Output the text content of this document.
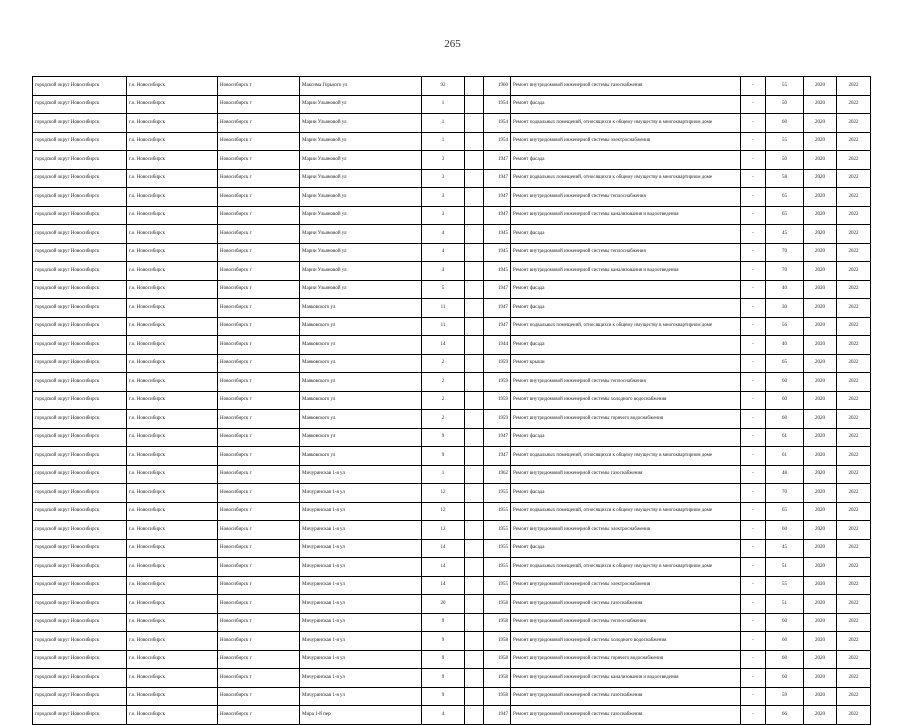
265
городской округ Новосибирск	г.о. Новосибирск	Новосибирск г	Максима Горького ул	92		1960	Ремонт внутридомовой инженерной системы газоснабжения	-	55	2020	2022
городской округ Новосибирск	г.о. Новосибирск	Новосибирск г	Марии Ульяновой ул	1		1954	Ремонт фасада	-	50	2020	2022
городской округ Новосибирск	г.о. Новосибирск	Новосибирск г	Марии Ульяновой ул	1		1954	Ремонт подвальных помещений, относящихся к общему имуществу в многоквартирном доме	-	60	2020	2022
городской округ Новосибирск	г.о. Новосибирск	Новосибирск г	Марии Ульяновой ул	1		1954	Ремонт внутридомовой инженерной системы электроснабжения	-	55	2020	2022
городской округ Новосибирск	г.о. Новосибирск	Новосибирск г	Марии Ульяновой ул	3		1947	Ремонт фасада	-	50	2020	2022
городской округ Новосибирск	г.о. Новосибирск	Новосибирск г	Марии Ульяновой ул	3		1947	Ремонт подвальных помещений, относящихся к общему имуществу в многоквартирном доме	-	58	2020	2022
городской округ Новосибирск	г.о. Новосибирск	Новосибирск г	Марии Ульяновой ул	3		1947	Ремонт внутридомовой инженерной системы теплоснабжения	-	65	2020	2022
городской округ Новосибирск	г.о. Новосибирск	Новосибирск г	Марии Ульяновой ул	3		1947	Ремонт внутридомовой инженерной системы канализования и водоотведения	-	65	2020	2022
городской округ Новосибирск	г.о. Новосибирск	Новосибирск г	Марии Ульяновой ул	4		1945	Ремонт фасада	-	45	2020	2022
городской округ Новосибирск	г.о. Новосибирск	Новосибирск г	Марии Ульяновой ул	4		1945	Ремонт внутридомовой инженерной системы теплоснабжения	-	70	2020	2022
городской округ Новосибирск	г.о. Новосибирск	Новосибирск г	Марии Ульяновой ул	4		1945	Ремонт внутридомовой инженерной системы канализования и водоотведения	-	70	2020	2022
городской округ Новосибирск	г.о. Новосибирск	Новосибирск г	Марии Ульяновой ул	5		1947	Ремонт фасада	-	40	2020	2022
городской округ Новосибирск	г.о. Новосибирск	Новосибирск г	Маяковского ул	11		1947	Ремонт фасада	-	30	2020	2022
городской округ Новосибирск	г.о. Новосибирск	Новосибирск г	Маяковского ул	11		1947	Ремонт подвальных помещений, относящихся к общему имуществу в многоквартирном доме	-	56	2020	2022
городской округ Новосибирск	г.о. Новосибирск	Новосибирск г	Маяковского ул	14		1944	Ремонт фасада	-	40	2020	2022
городской округ Новосибирск	г.о. Новосибирск	Новосибирск г	Маяковского ул	2		1959	Ремонт крыши	-	65	2020	2022
городской округ Новосибирск	г.о. Новосибирск	Новосибирск г	Маяковского ул	2		1959	Ремонт внутридомовой инженерной системы теплоснабжения	-	60	2020	2022
городской округ Новосибирск	г.о. Новосибирск	Новосибирск г	Маяковского ул	2		1959	Ремонт внутридомовой инженерной системы холодного водоснабжения	-	60	2020	2022
городской округ Новосибирск	г.о. Новосибирск	Новосибирск г	Маяковского ул	2		1959	Ремонт внутридомовой инженерной системы горячего водоснабжения	-	60	2020	2022
городской округ Новосибирск	г.о. Новосибирск	Новосибирск г	Маяковского ул	9		1947	Ремонт фасада	-	61	2020	2022
городской округ Новосибирск	г.о. Новосибирск	Новосибирск г	Маяковского ул	9		1947	Ремонт подвальных помещений, относящихся к общему имуществу в многоквартирном доме	-	61	2020	2022
городской округ Новосибирск	г.о. Новосибирск	Новосибирск г	Мичуринская 1-я ул	1		1962	Ремонт внутридомовой инженерной системы газоснабжения	-	48	2020	2022
городской округ Новосибирск	г.о. Новосибирск	Новосибирск г	Мичуринская 1-я ул	12		1955	Ремонт фасада	-	70	2020	2022
городской округ Новосибирск	г.о. Новосибирск	Новосибирск г	Мичуринская 1-я ул	12		1955	Ремонт подвальных помещений, относящихся к общему имуществу в многоквартирном доме	-	65	2020	2022
городской округ Новосибирск	г.о. Новосибирск	Новосибирск г	Мичуринская 1-я ул	12		1955	Ремонт внутридомовой инженерной системы электроснабжения	-	60	2020	2022
городской округ Новосибирск	г.о. Новосибирск	Новосибирск г	Мичуринская 1-я ул	14		1955	Ремонт фасада	-	45	2020	2022
городской округ Новосибирск	г.о. Новосибирск	Новосибирск г	Мичуринская 1-я ул	14		1955	Ремонт подвальных помещений, относящихся к общему имуществу в многоквартирном доме	-	51	2020	2022
городской округ Новосибирск	г.о. Новосибирск	Новосибирск г	Мичуринская 1-я ул	14		1955	Ремонт внутридомовой инженерной системы электроснабжения	-	55	2020	2022
городской округ Новосибирск	г.о. Новосибирск	Новосибирск г	Мичуринская 1-я ул	20		1958	Ремонт внутридомовой инженерной системы газоснабжения	-	51	2020	2022
городской округ Новосибирск	г.о. Новосибирск	Новосибирск г	Мичуринская 1-я ул	9		1958	Ремонт внутридомовой инженерной системы теплоснабжения	-	60	2020	2022
городской округ Новосибирск	г.о. Новосибирск	Новосибирск г	Мичуринская 1-я ул	9		1958	Ремонт внутридомовой инженерной системы холодного водоснабжения	-	60	2020	2022
городской округ Новосибирск	г.о. Новосибирск	Новосибирск г	Мичуринская 1-я ул	9		1958	Ремонт внутридомовой инженерной системы горячего водоснабжения	-	60	2020	2022
городской округ Новосибирск	г.о. Новосибирск	Новосибирск г	Мичуринская 1-я ул	9		1958	Ремонт внутридомовой инженерной системы канализования и водоотведения	-	60	2020	2022
городской округ Новосибирск	г.о. Новосибирск	Новосибирск г	Мичуринская 1-я ул	9		1958	Ремонт внутридомовой инженерной системы газоснабжения	-	59	2020	2022
городской округ Новосибирск	г.о. Новосибирск	Новосибирск г	Мира 1-й пер	4		1947	Ремонт внутридомовой инженерной системы газоснабжения	-	66	2020	2022
